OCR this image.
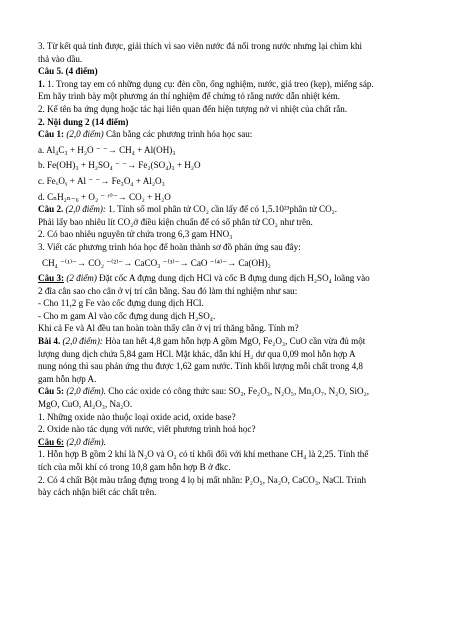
3. Từ kết quả tính được, giải thích vì sao viên nước đá nổi trong nước nhưng lại chìm khi
thả vào dầu.
Câu 5. (4 điểm)
1. 1. Trong tay em có những dụng cụ: đèn cồn, ống nghiệm, nước, giá treo (kẹp), miếng sáp.
Em hãy trình bày một phương án thí nghiệm để chứng tỏ rằng nước dẫn nhiệt kém.
2. Kể tên ba ứng dụng hoặc tác hại liên quan đến hiện tượng nở vì nhiệt của chất rắn.
2. Nội dung 2 (14 điểm)
Câu 1: (2,0 điểm) Cân bằng các phương trình hóa học sau:
a. Al₄C₃ + H₂O ⁻ ⁻→ CH₄ + Al(OH)₃
b. Fe(OH)₃ + H₂SO₄ ⁻ ⁻→ Fe₂(SO₄)₃ + H₂O
c. FeₓOᵧ + Al ⁻ ⁻→ Fe₃O₄ + Al₂O₃
d. CₙH₂ₙ₋₆ + O₂ ⁻ ᵗ°⁻→ CO₂ + H₂O
Câu 2. (2,0 điểm): 1. Tính số mol phân tử CO₂ cần lấy để có 1,5.10²³phân tử CO₂.
Phải lấy bao nhiêu lít CO₂ở điều kiện chuẩn để có số phân tử CO₂ như trên.
2. Có bao nhiêu nguyên tử chứa trong 6,3 gam HNO₃
3. Viết các phương trình hóa học để hoàn thành sơ đồ phản ứng sau đây:
CH₄ ⁻⁽¹⁾⁻→ CO₂ ⁻⁽²⁾⁻→ CaCO₃ ⁻⁽³⁾⁻→ CaO ⁻⁽⁴⁾⁻→ Ca(OH)₂
Câu 3: (2 điểm) Đặt cốc A đựng dung dịch HCl và cốc B đựng dung dịch H₂SO₄ loãng vào
2 đĩa cân sao cho cân ở vị trí cân bằng. Sau đó làm thí nghiệm như sau:
- Cho 11,2 g Fe vào cốc đựng dung dịch HCl.
- Cho m gam Al vào cốc đựng dung dịch H₂SO₄.
Khi cả Fe và Al đều tan hoàn toàn thấy cân ở vị trí thăng bằng. Tính m?
Bài 4. (2,0 điểm): Hòa tan hết 4,8 gam hỗn hợp A gồm MgO, Fe₂O₃, CuO cần vừa đủ một
lượng dung dịch chứa 5,84 gam HCl. Mặt khác, dẫn khí H₂ dư qua 0,09 mol hỗn hợp A
nung nóng thì sau phản ứng thu được 1,62 gam nước. Tính khối lượng mỗi chất trong 4,8
gam hỗn hợp A.
Câu 5: (2,0 điểm). Cho các oxide có công thức sau: SO₃, Fe₂O₃, N₂O₅, Mn₂O₇, N₂O, SiO₂,
MgO, CuO, Al₂O₃, Na₂O.
1. Những oxide nào thuộc loại oxide acid, oxide base?
2. Oxide nào tác dụng với nước, viết phương trình hoá học?
Câu 6: (2,0 điểm).
1. Hỗn hợp B gồm 2 khí là N₂O và O₂ có tỉ khối đối với khí methane CH₄ là 2,25. Tính thể
tích của mỗi khí có trong 10,8 gam hỗn hợp B ở đkc.
2. Có 4 chất Bột màu trắng đựng trong 4 lọ bị mất nhãn: P₂O₅, Na₂O, CaCO₃, NaCl. Trình
bày cách nhận biết các chất trên.
